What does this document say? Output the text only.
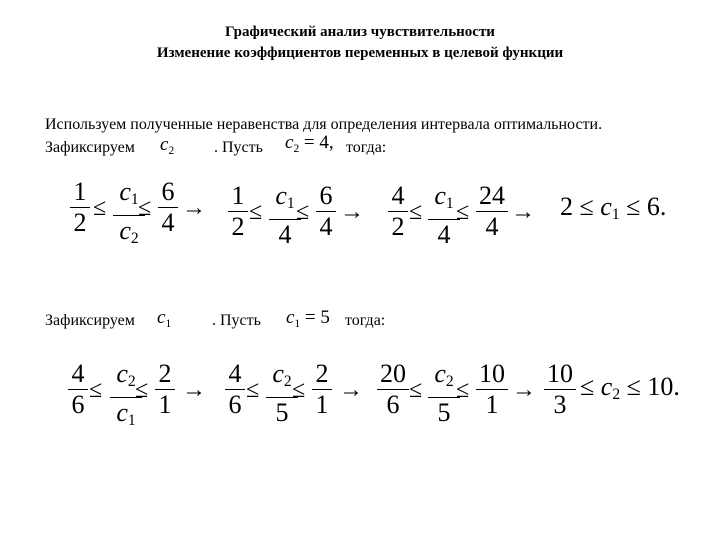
Графический анализ чувствительности
Изменение коэффициентов переменных в целевой функции
Используем полученные неравенства для определения интервала оптимальности.
Зафиксируем $c_2$ . Пусть $c_2 = 4$, тогда:
1
2 ≤
$c_1$
$c_2$
≤
6
4 → 1
2 ≤
$c_1$
4
≤
6
4 →
4
2 ≤
$c_1$
4
≤
24
$4 \to 2 \le c_1 \le 6$.
Зафиксируем $c_1$	. Пусть $c_1 = 5$ тогда:
4
6 ≤
$c_2$
$c_1$
≤
2
1 →
4
6 ≤
$c_2$
5
≤
2
1 →
20
6 ≤
$c_2$
5
≤
10
1 →
10
3
≤ $c_2 \le 10$.
